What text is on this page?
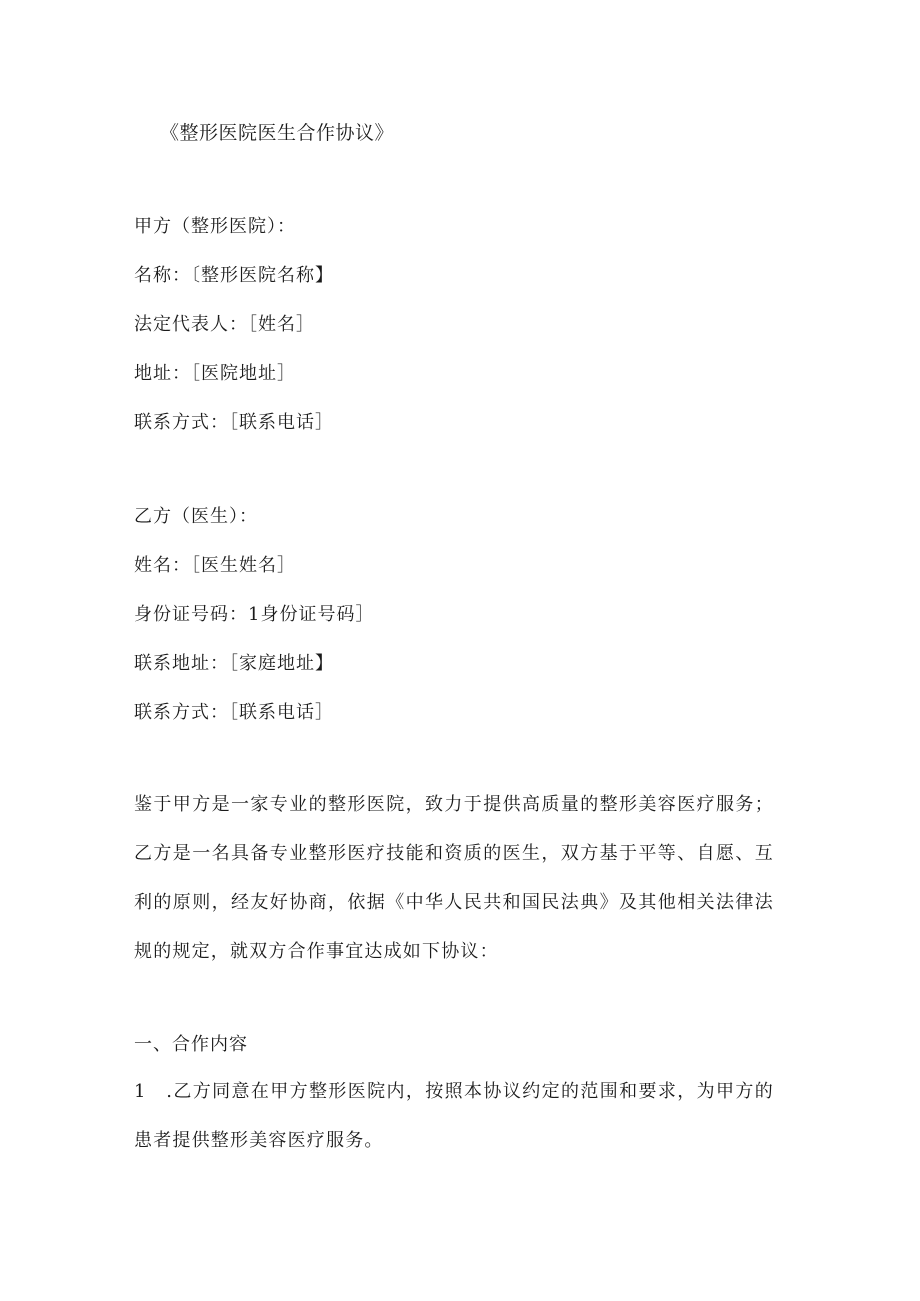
《整形医院医生合作协议》
甲方（整形医院）：
名称：〔整形医院名称】
法定代表人：［姓名］
地址：［医院地址］
联系方式：［联系电话］
乙方（医生）：
姓名：［医生姓名］
身份证号码：1身份证号码］
联系地址：［家庭地址】
联系方式：［联系电话］
鉴于甲方是一家专业的整形医院，致力于提供高质量的整形美容医疗服务；乙方是一名具备专业整形医疗技能和资质的医生，双方基于平等、自愿、互利的原则，经友好协商，依据《中华人民共和国民法典》及其他相关法律法规的规定，就双方合作事宜达成如下协议：
一、合作内容
1　.乙方同意在甲方整形医院内，按照本协议约定的范围和要求，为甲方的患者提供整形美容医疗服务。
